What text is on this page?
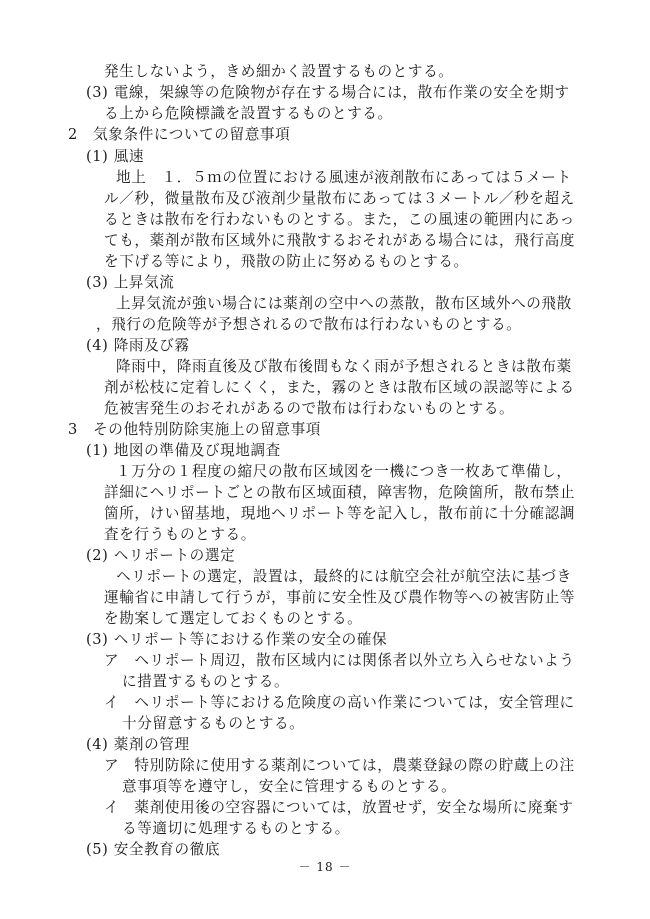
発生しないよう，きめ細かく設置するものとする。
(3) 電線，架線等の危険物が存在する場合には，散布作業の安全を期す
る上から危険標識を設置するものとする。
2　気象条件についての留意事項
(1) 風速
地上　１．５ｍの位置における風速が液剤散布にあっては５メート
ル／秒，微量散布及び液剤少量散布にあっては３メートル／秒を超え
るときは散布を行わないものとする。また，この風速の範囲内にあっ
ても，薬剤が散布区域外に飛散するおそれがある場合には，飛行高度
を下げる等により，飛散の防止に努めるものとする。
(3) 上昇気流
上昇気流が強い場合には薬剤の空中への蒸散，散布区域外への飛散
，飛行の危険等が予想されるので散布は行わないものとする。
(4) 降雨及び霧
降雨中，降雨直後及び散布後間もなく雨が予想されるときは散布薬
剤が松枝に定着しにくく，また，霧のときは散布区域の誤認等による
危被害発生のおそれがあるので散布は行わないものとする。
3　その他特別防除実施上の留意事項
(1) 地図の準備及び現地調査
１万分の１程度の縮尺の散布区域図を一機につき一枚あて準備し，
詳細にヘリポートごとの散布区域面積，障害物，危険箇所，散布禁止
箇所，けい留基地，現地ヘリポート等を記入し，散布前に十分確認調
査を行うものとする。
(2) ヘリポートの選定
ヘリポートの選定，設置は，最終的には航空会社が航空法に基づき
運輸省に申請して行うが，事前に安全性及び農作物等への被害防止等
を勘案して選定しておくものとする。
(3) ヘリポート等における作業の安全の確保
ア　ヘリポート周辺，散布区域内には関係者以外立ち入らせないよう
に措置するものとする。
イ　ヘリポート等における危険度の高い作業については，安全管理に
十分留意するものとする。
(4) 薬剤の管理
ア　特別防除に使用する薬剤については，農薬登録の際の貯蔵上の注
意事項等を遵守し，安全に管理するものとする。
イ　薬剤使用後の空容器については，放置せず，安全な場所に廃棄す
る等適切に処理するものとする。
(5) 安全教育の徹底
－ 18 －
